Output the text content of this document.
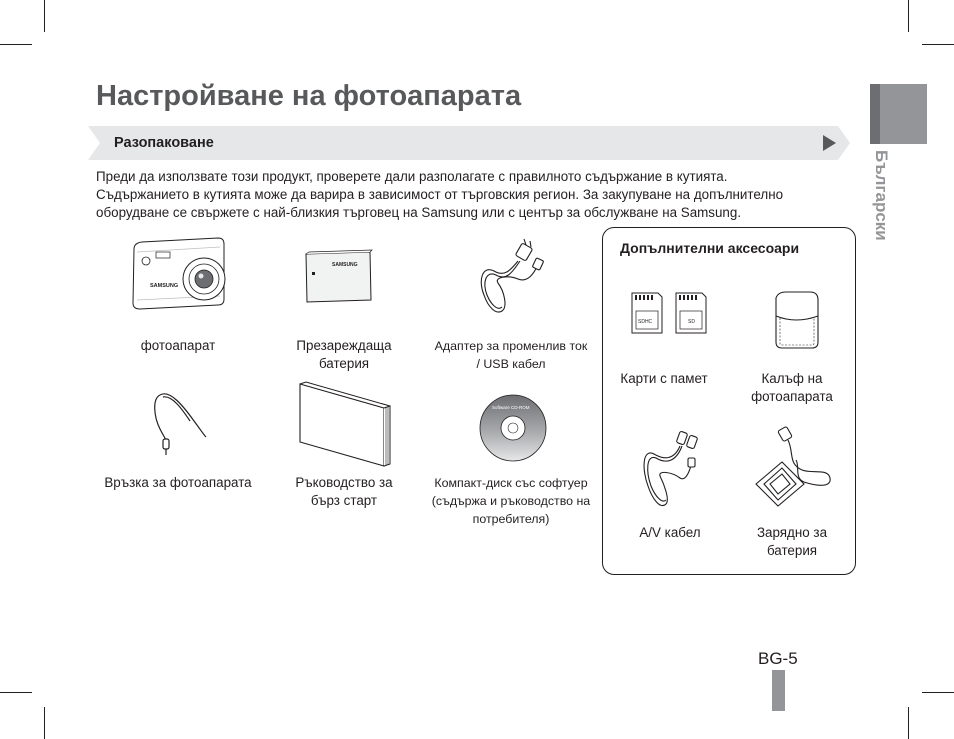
Български
Настройване на фотоапарата
Разопаковане
Преди да използвате този продукт, проверете дали разполагате с правилното съдържание в кутията.
Съдържанието в кутията може да варира в зависимост от търговския регион. За закупуване на допълнително
оборудване се свържете с най-близкия търговец на Samsung или с център за обслужване на Samsung.
SAMSUNG
SAMSUNG
Software CD-ROM
фотоапарат	Презареждаща
батерия
Адаптер за променлив ток
/ USB кабел
Връзка за фотоапарата	Ръководство за
бърз старт
Компакт-диск със софтуер
(съдържа и ръководство на
потребителя)
Допълнителни аксесоари
SDHC	SD
Карти с памет	Калъф на
фотоапарата
A/V кабел	Зарядно за
батерия
BG-5
